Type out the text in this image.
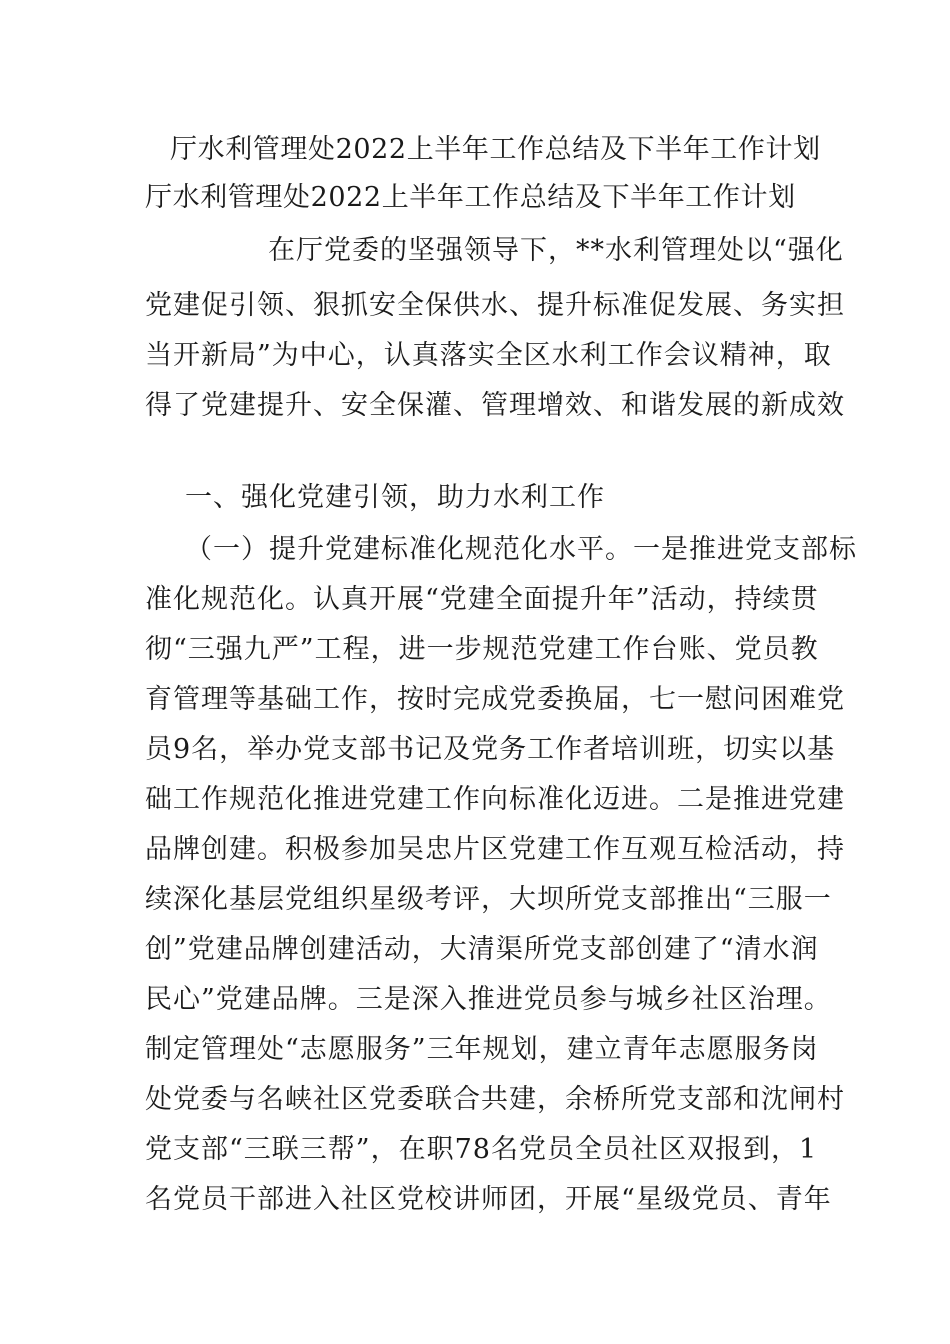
厅水利管理处2022上半年工作总结及下半年工作计划
厅水利管理处2022上半年工作总结及下半年工作计划
在厅党委的坚强领导下，**水利管理处以“强化
党建促引领、狠抓安全保供水、提升标准促发展、务实担
当开新局”为中心，认真落实全区水利工作会议精神，取
得了党建提升、安全保灌、管理增效、和谐发展的新成效
一、强化党建引领，助力水利工作
（一）提升党建标准化规范化水平。一是推进党支部标
准化规范化。认真开展“党建全面提升年”活动，持续贯
彻“三强九严”工程，进一步规范党建工作台账、党员教
育管理等基础工作，按时完成党委换届，七一慰问困难党
员9名，举办党支部书记及党务工作者培训班，切实以基
础工作规范化推进党建工作向标准化迈进。二是推进党建
品牌创建。积极参加吴忠片区党建工作互观互检活动，持
续深化基层党组织星级考评，大坝所党支部推出“三服一
创”党建品牌创建活动，大清渠所党支部创建了“清水润
民心”党建品牌。三是深入推进党员参与城乡社区治理。
制定管理处“志愿服务”三年规划，建立青年志愿服务岗
处党委与名峡社区党委联合共建，余桥所党支部和沈闸村
党支部“三联三帮”，在职78名党员全员社区双报到，1
名党员干部进入社区党校讲师团，开展“星级党员、青年
